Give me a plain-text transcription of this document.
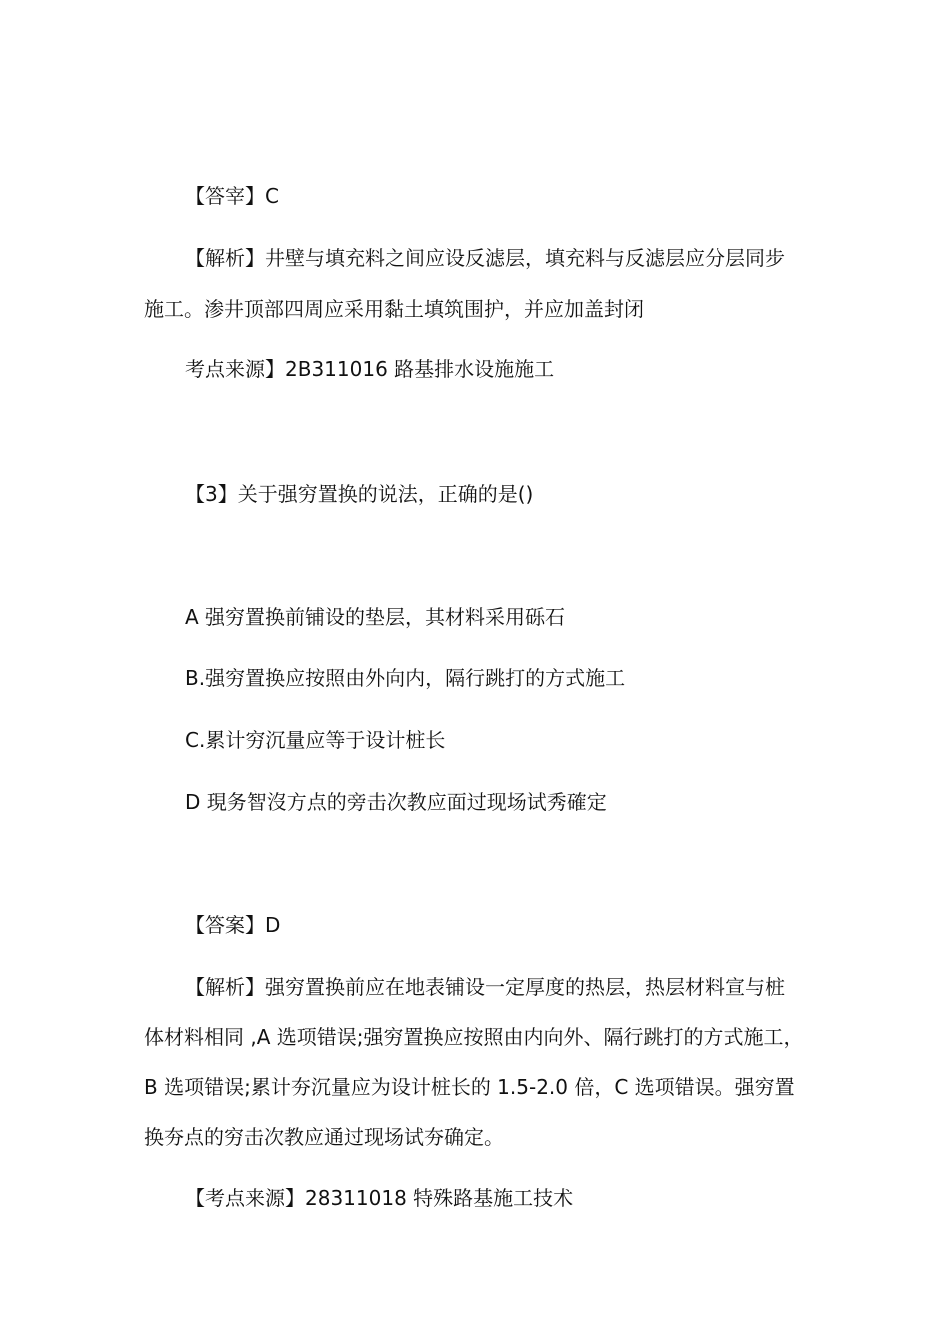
【答宰】C
【解析】井壁与填充料之间应设反滤层，填充料与反滤层应分层同步
施工。渗井顶部四周应采用黏土填筑围护，并应加盖封闭
考点来源】2B311016 路基排水设施施工
【3】关于强穷置换的说法，正确的是()
A 强穷置换前铺设的垫层，其材料采用砾石
B.强穷置换应按照由外向内，隔行跳打的方式施工
C.累计穷沉量应等于设计桩长
D 現务智沒方点的旁击次教应面过现场试秀確定
【答案】D
【解析】强穷置换前应在地表铺设一定厚度的热层，热层材料宣与桩
体材料相同 ,A 选项错误;强穷置换应按照由内向外、隔行跳打的方式施工，
B 选项错误;累计夯沉量应为设计桩长的 1.5-2.0 倍，C 选项错误。强穷置
换夯点的穷击次教应通过现场试夯确定。
【考点来源】28311018 特殊路基施工技术
